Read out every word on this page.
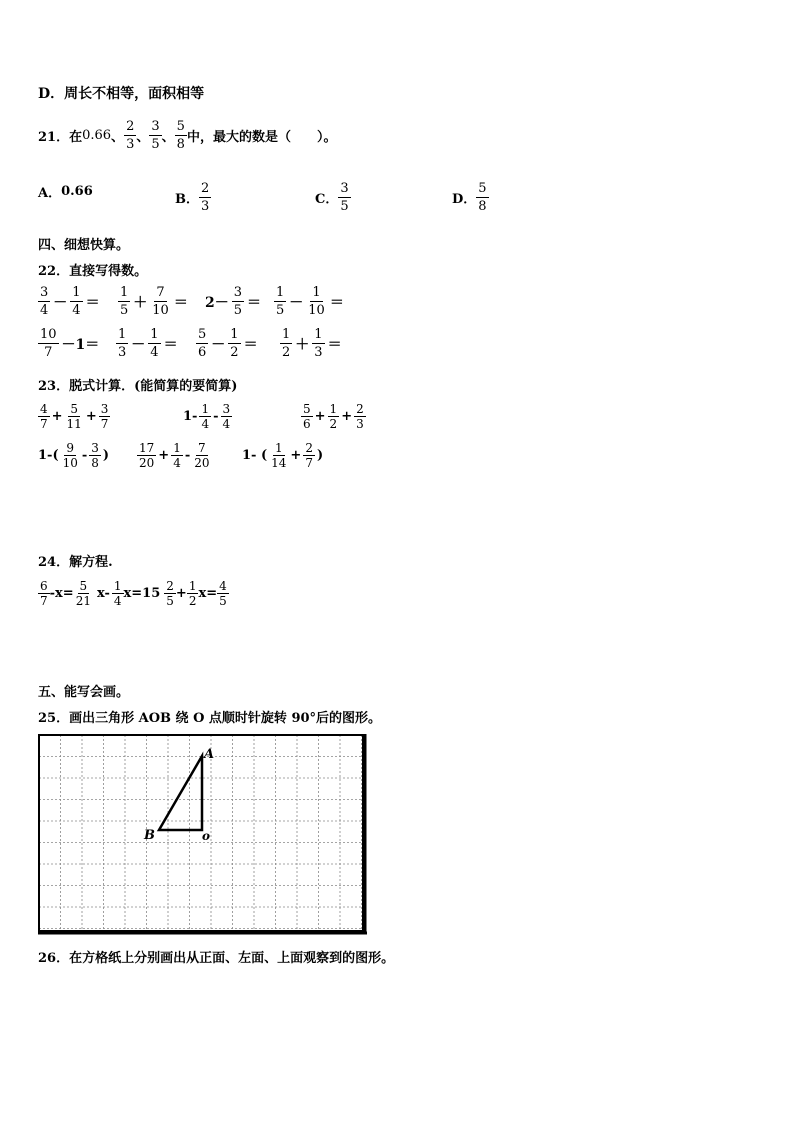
D．周长不相等，面积相等
21．在 0.66 、 $\frac{2}{3}$ 、 $\frac{3}{5}$ 、 $\frac{5}{8}$ 中，最大的数是（　　）。
A． 0.66
B． $\frac{2}{3}$	C． $\frac{3}{5}$	D． $\frac{5}{8}$
四、细想快算。
22．直接写得数。
$\frac{3}{4} - \frac{1}{4} = \frac{1}{5} + \frac{7}{10} = 2- \frac{3}{5} = \frac{1}{5} - \frac{1}{10}$ ＝
$\frac{10}{7} -1= \frac{1}{3} - \frac{1}{4} = \frac{5}{6} - \frac{1}{2} = \frac{1}{2} + \frac{1}{3}$ ＝
23．脱式计算．(能简算的要简算)
$\frac{4}{7} + \frac{5}{11} + \frac{3}{7}$	$1- \frac{1}{4} - \frac{3}{4}$	$\frac{5}{6} + \frac{1}{2} + \frac{2}{3}$
$1-( \frac{9}{10} - \frac{3}{8}$ ) $\frac{17}{20} + \frac{1}{4} - \frac{7}{20} 1-$ ( $\frac{1}{14} + \frac{2}{7}$ )
24．解方程.
$\frac{6}{7} -x= \frac{5}{21} x- \frac{1}{4} x=15 \frac{2}{5} + \frac{1}{2} x= \frac{4}{5}$
五、能写会画。
25．画出三角形 AOB 绕 O 点顺时针旋转 90°后的图形。
A
B	o
26．在方格纸上分别画出从正面、左面、上面观察到的图形。
